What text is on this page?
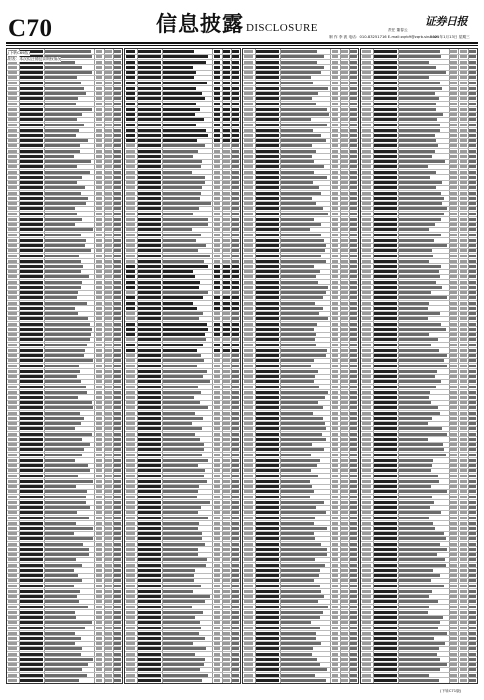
C70	信息披露 DISCLOSURE	证券日报
责任 董春云
制 作 李 波 电话：010-83251716 E-mail:zqrb9@zqrb.sina.net
2021年1月13日 星期三
(下转C69版)
附表：本次拟注销股票期权情况
(下转C71版)
